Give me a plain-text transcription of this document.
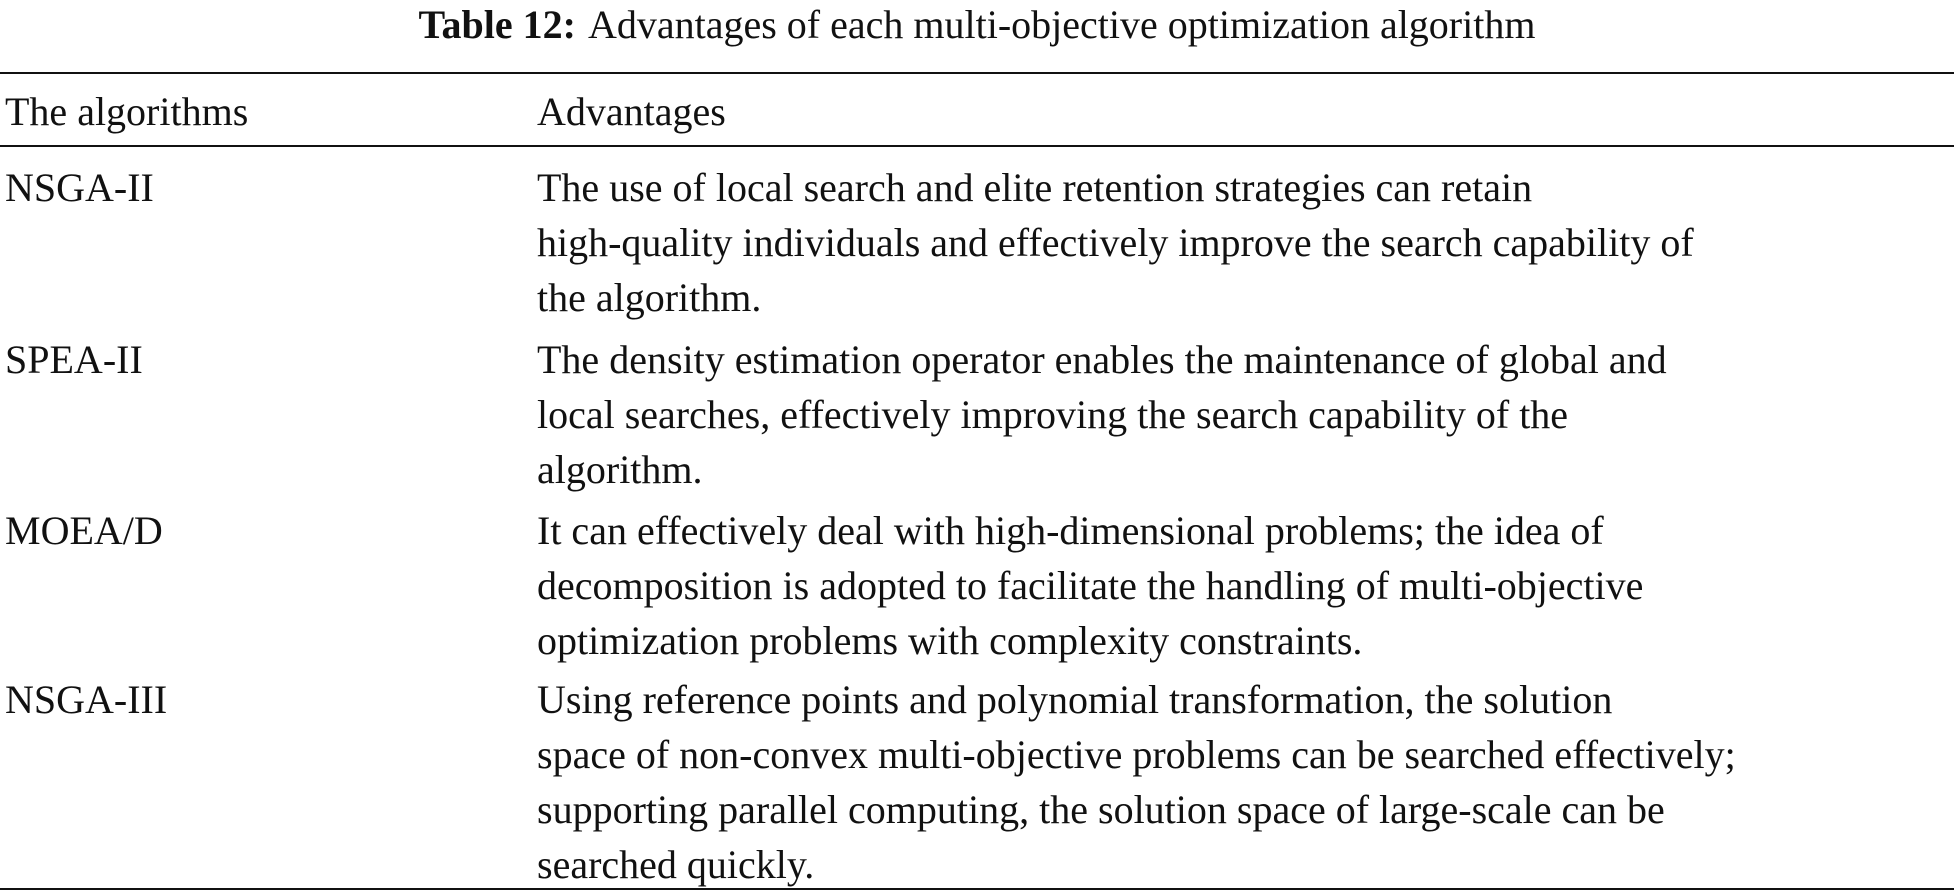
Table 12: Advantages of each multi-objective optimization algorithm
The algorithms	Advantages
NSGA-II	The use of local search and elite retention strategies can retain
high-quality individuals and effectively improve the search capability of
the algorithm.
SPEA-II	The density estimation operator enables the maintenance of global and
local searches, effectively improving the search capability of the
algorithm.
MOEA/D	It can effectively deal with high-dimensional problems; the idea of
decomposition is adopted to facilitate the handling of multi-objective
optimization problems with complexity constraints.
NSGA-III	Using reference points and polynomial transformation, the solution
space of non-convex multi-objective problems can be searched effectively;
supporting parallel computing, the solution space of large-scale can be
searched quickly.
